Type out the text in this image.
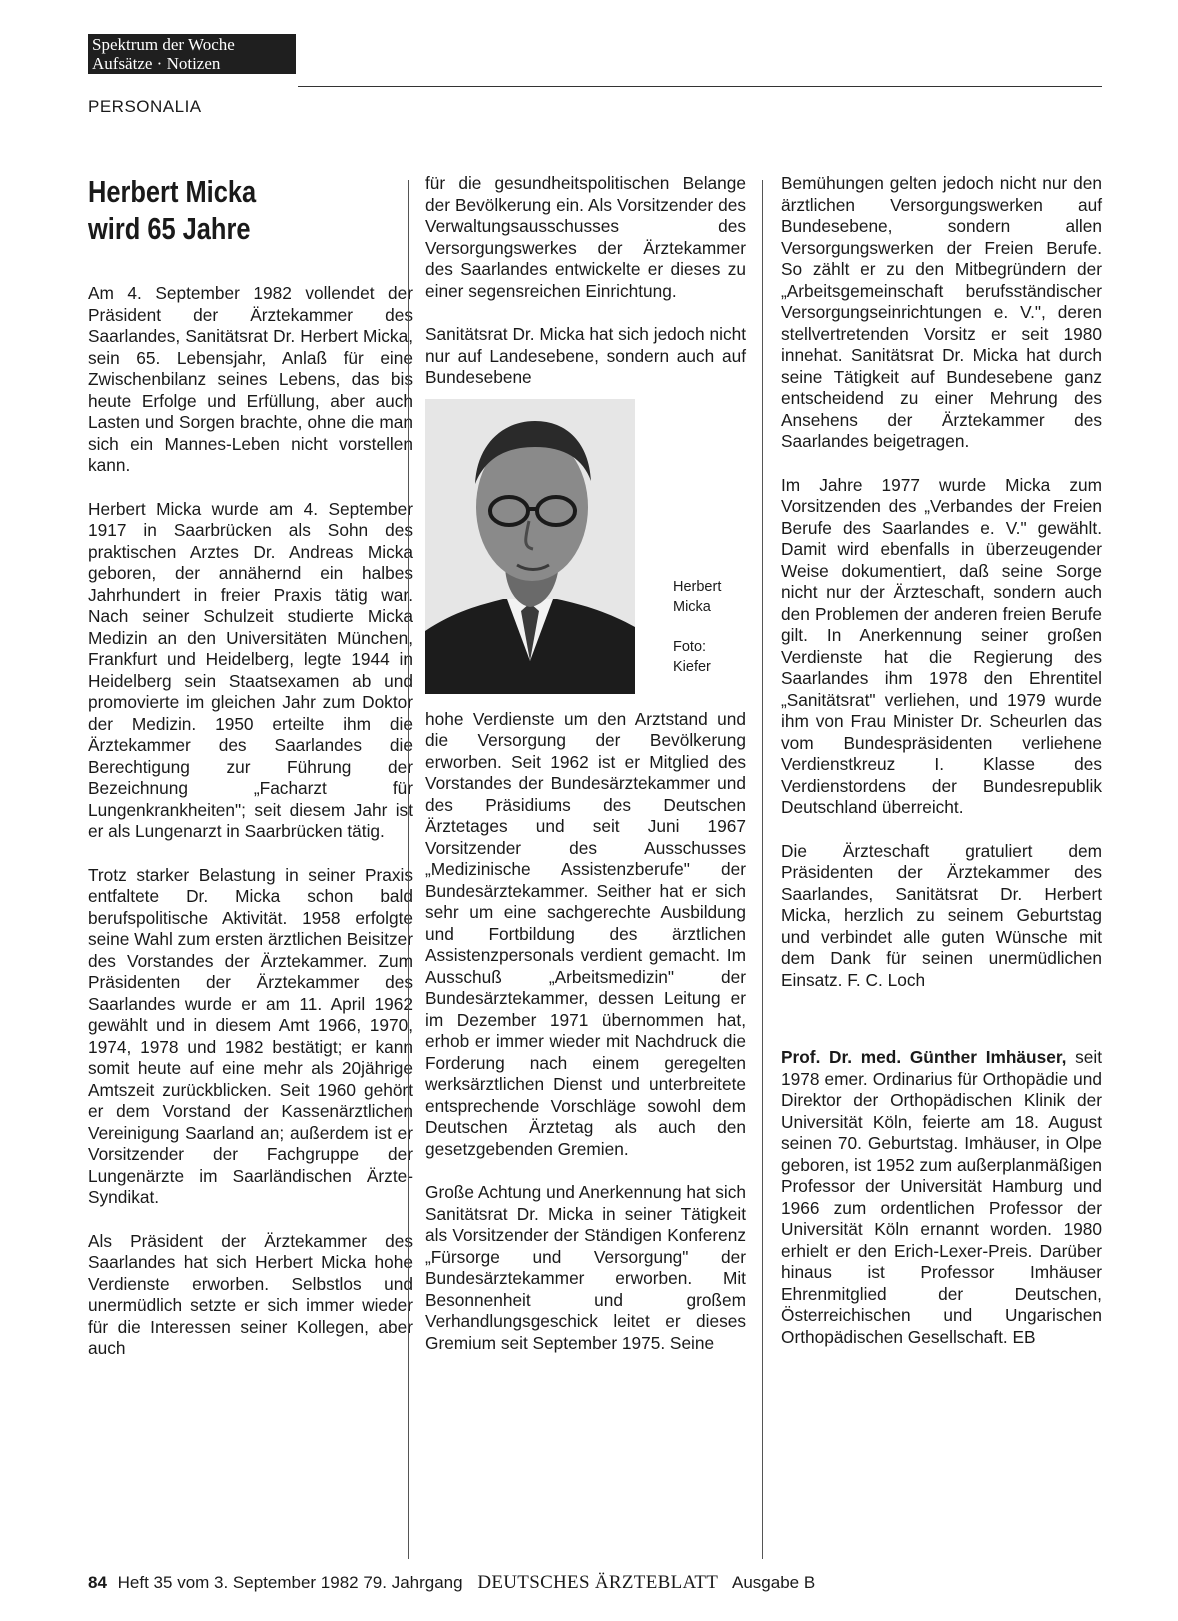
Spektrum der Woche
Aufsätze · Notizen
PERSONALIA
Herbert Micka
wird 65 Jahre

Am 4. September 1982 vollendet der Präsident der Ärztekammer des Saarlandes, Sanitätsrat Dr. Herbert Micka, sein 65. Lebensjahr, Anlaß für eine Zwischenbilanz seines Lebens, das bis heute Erfolge und Erfüllung, aber auch Lasten und Sorgen brachte, ohne die man sich ein Mannes-Leben nicht vorstellen kann.

Herbert Micka wurde am 4. September 1917 in Saarbrücken als Sohn des praktischen Arztes Dr. Andreas Micka geboren, der annähernd ein halbes Jahrhundert in freier Praxis tätig war. Nach seiner Schulzeit studierte Micka Medizin an den Universitäten München, Frankfurt und Heidelberg, legte 1944 in Heidelberg sein Staatsexamen ab und promovierte im gleichen Jahr zum Doktor der Medizin. 1950 erteilte ihm die Ärztekammer des Saarlandes die Berechtigung zur Führung der Bezeichnung „Facharzt für Lungenkrankheiten"; seit diesem Jahr ist er als Lungenarzt in Saarbrücken tätig.

Trotz starker Belastung in seiner Praxis entfaltete Dr. Micka schon bald berufspolitische Aktivität. 1958 erfolgte seine Wahl zum ersten ärztlichen Beisitzer des Vorstandes der Ärztekammer. Zum Präsidenten der Ärztekammer des Saarlandes wurde er am 11. April 1962 gewählt und in diesem Amt 1966, 1970, 1974, 1978 und 1982 bestätigt; er kann somit heute auf eine mehr als 20jährige Amtszeit zurückblicken. Seit 1960 gehört er dem Vorstand der Kassenärztlichen Vereinigung Saarland an; außerdem ist er Vorsitzender der Fachgruppe der Lungenärzte im Saarländischen Ärzte-Syndikat.

Als Präsident der Ärztekammer des Saarlandes hat sich Herbert Micka hohe Verdienste erworben. Selbstlos und unermüdlich setzte er sich immer wieder für die Interessen seiner Kollegen, aber auch

für die gesundheitspolitischen Belange der Bevölkerung ein. Als Vorsitzender des Verwaltungsausschusses des Versorgungswerkes der Ärztekammer des Saarlandes entwickelte er dieses zu einer segensreichen Einrichtung.

Sanitätsrat Dr. Micka hat sich jedoch nicht nur auf Landesebene, sondern auch auf Bundesebene

Herbert Micka
Foto: Kiefer

hohe Verdienste um den Arztstand und die Versorgung der Bevölkerung erworben. Seit 1962 ist er Mitglied des Vorstandes der Bundesärztekammer und des Präsidiums des Deutschen Ärztetages und seit Juni 1967 Vorsitzender des Ausschusses „Medizinische Assistenzberufe" der Bundesärztekammer. Seither hat er sich sehr um eine sachgerechte Ausbildung und Fortbildung des ärztlichen Assistenzpersonals verdient gemacht. Im Ausschuß „Arbeitsmedizin" der Bundesärztekammer, dessen Leitung er im Dezember 1971 übernommen hat, erhob er immer wieder mit Nachdruck die Forderung nach einem geregelten werksärztlichen Dienst und unterbreitete entsprechende Vorschläge sowohl dem Deutschen Ärztetag als auch den gesetzgebenden Gremien.

Große Achtung und Anerkennung hat sich Sanitätsrat Dr. Micka in seiner Tätigkeit als Vorsitzender der Ständigen Konferenz „Fürsorge und Versorgung" der Bundesärztekammer erworben. Mit Besonnenheit und großem Verhandlungsgeschick leitet er dieses Gremium seit September 1975. Seine

Bemühungen gelten jedoch nicht nur den ärztlichen Versorgungswerken auf Bundesebene, sondern allen Versorgungswerken der Freien Berufe. So zählt er zu den Mitbegründern der „Arbeitsgemeinschaft berufsständischer Versorgungseinrichtungen e. V.", deren stellvertretenden Vorsitz er seit 1980 innehat. Sanitätsrat Dr. Micka hat durch seine Tätigkeit auf Bundesebene ganz entscheidend zu einer Mehrung des Ansehens der Ärztekammer des Saarlandes beigetragen.

Im Jahre 1977 wurde Micka zum Vorsitzenden des „Verbandes der Freien Berufe des Saarlandes e. V." gewählt. Damit wird ebenfalls in überzeugender Weise dokumentiert, daß seine Sorge nicht nur der Ärzteschaft, sondern auch den Problemen der anderen freien Berufe gilt. In Anerkennung seiner großen Verdienste hat die Regierung des Saarlandes ihm 1978 den Ehrentitel „Sanitätsrat" verliehen, und 1979 wurde ihm von Frau Minister Dr. Scheurlen das vom Bundespräsidenten verliehene Verdienstkreuz I. Klasse des Verdienstordens der Bundesrepublik Deutschland überreicht.

Die Ärzteschaft gratuliert dem Präsidenten der Ärztekammer des Saarlandes, Sanitätsrat Dr. Herbert Micka, herzlich zu seinem Geburtstag und verbindet alle guten Wünsche mit dem Dank für seinen unermüdlichen Einsatz. F. C. Loch

Prof. Dr. med. Günther Imhäuser, seit 1978 emer. Ordinarius für Orthopädie und Direktor der Orthopädischen Klinik der Universität Köln, feierte am 18. August seinen 70. Geburtstag. Imhäuser, in Olpe geboren, ist 1952 zum außerplanmäßigen Professor der Universität Hamburg und 1966 zum ordentlichen Professor der Universität Köln ernannt worden. 1980 erhielt er den Erich-Lexer-Preis. Darüber hinaus ist Professor Imhäuser Ehrenmitglied der Deutschen, Österreichischen und Ungarischen Orthopädischen Gesellschaft. EB

84 Heft 35 vom 3. September 1982 79. Jahrgang DEUTSCHES ÄRZTEBLATT Ausgabe B
